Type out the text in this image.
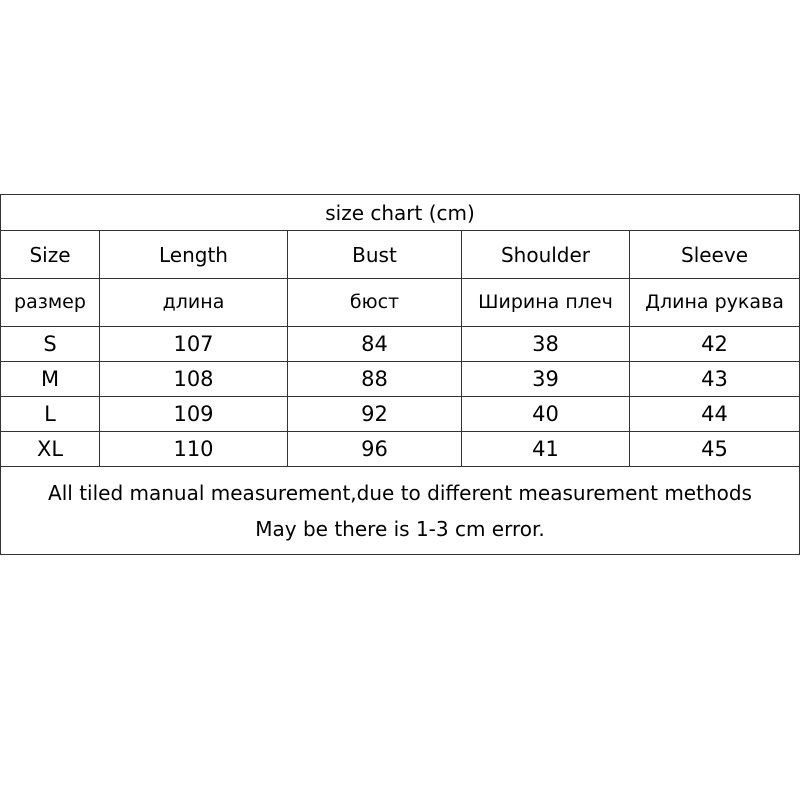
size chart (cm)				
Size	Length	Bust	Shoulder	Sleeve
размер	длина	бюст	Ширина плеч	Длина рукава
S	107	84	38	42
M	108	88	39	43
L	109	92	40	44
XL	110	96	41	45

All tiled manual measurement,due to different measurement methods
May be there is 1-3 cm error.				
